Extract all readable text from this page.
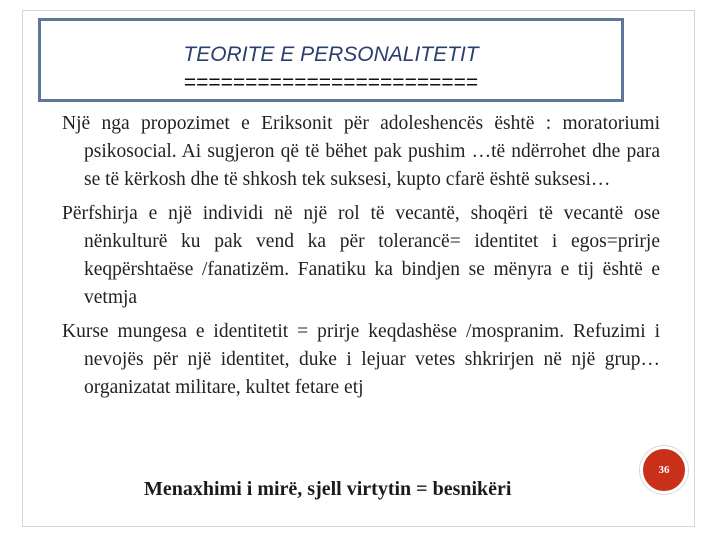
TEORITE E PERSONALITETIT
========================

Një nga propozimet e Eriksonit për adoleshencës është : moratoriumi psikosocial. Ai sugjeron që të bëhet pak pushim …të ndërrohet dhe para se të kërkosh dhe të shkosh tek suksesi, kupto cfarë është suksesi…

Përfshirja e një individi në një rol të vecantë, shoqëri të vecantë ose nënkulturë ku pak vend ka për tolerancë= identitet i egos=prirje keqpërshtaëse /fanatizëm. Fanatiku ka bindjen se mënyra e tij është e vetmja

Kurse mungesa e identitetit = prirje keqdashëse /mospranim. Refuzimi i nevojës për një identitet, duke i lejuar vetes shkrirjen në një grup…organizatat militare, kultet fetare etj

Menaxhimi i mirë, sjell virtytin = besnikëri
36
